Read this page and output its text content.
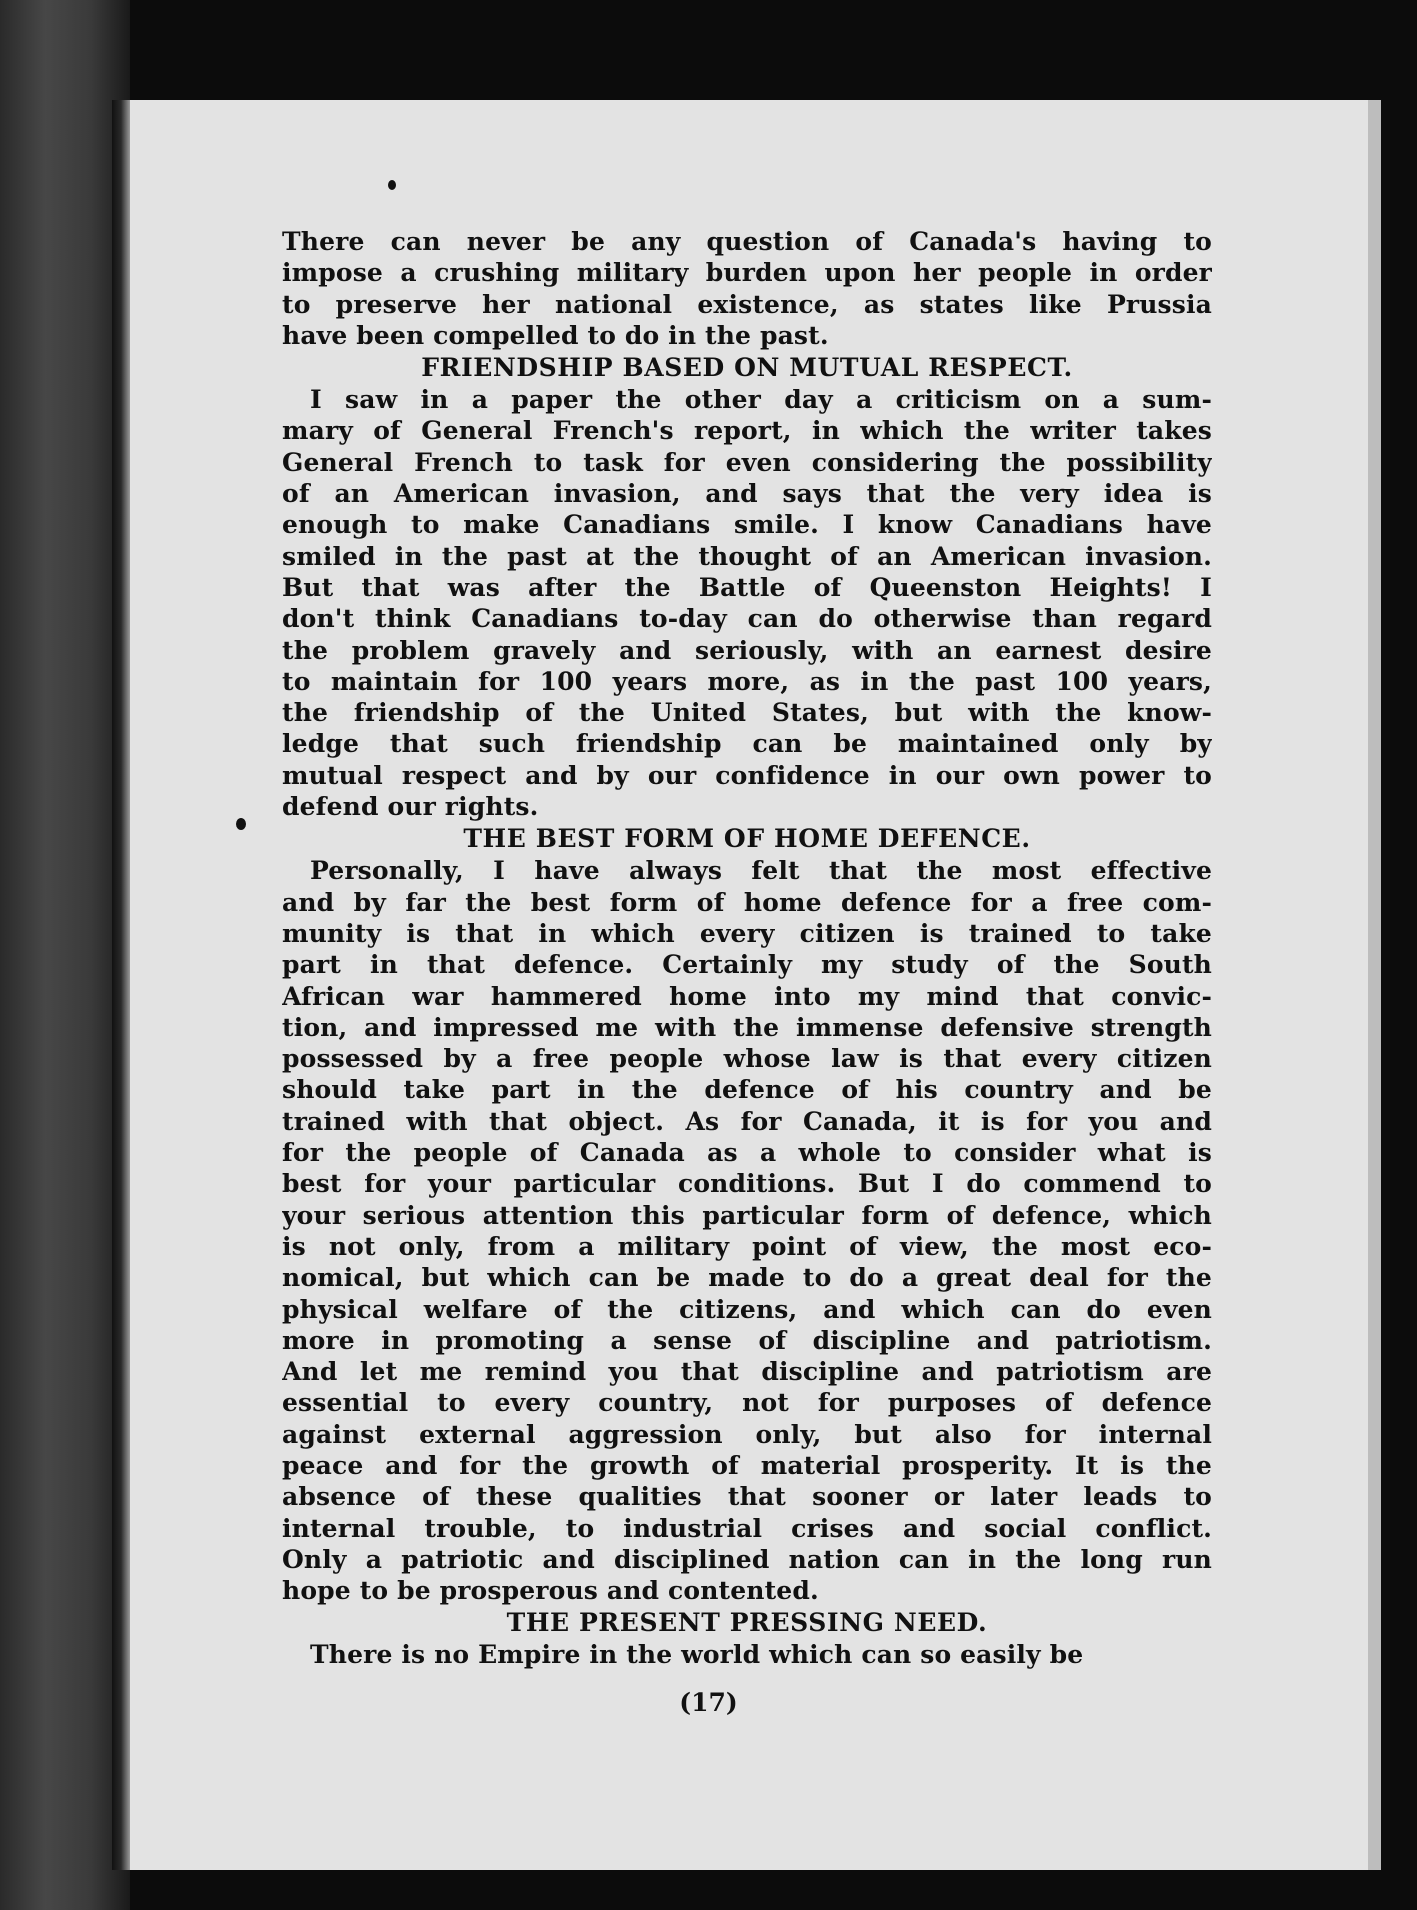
There can never be any question of Canada's having to
impose a crushing military burden upon her people in order
to preserve her national existence, as states like Prussia
have been compelled to do in the past.
FRIENDSHIP BASED ON MUTUAL RESPECT.
I saw in a paper the other day a criticism on a sum-
mary of General French's report, in which the writer takes
General French to task for even considering the possibility
of an American invasion, and says that the very idea is
enough to make Canadians smile. I know Canadians have
smiled in the past at the thought of an American invasion.
But that was after the Battle of Queenston Heights! I
don't think Canadians to-day can do otherwise than regard
the problem gravely and seriously, with an earnest desire
to maintain for 100 years more, as in the past 100 years,
the friendship of the United States, but with the know-
ledge that such friendship can be maintained only by
mutual respect and by our confidence in our own power to
defend our rights.
THE BEST FORM OF HOME DEFENCE.
Personally, I have always felt that the most effective
and by far the best form of home defence for a free com-
munity is that in which every citizen is trained to take
part in that defence. Certainly my study of the South
African war hammered home into my mind that convic-
tion, and impressed me with the immense defensive strength
possessed by a free people whose law is that every citizen
should take part in the defence of his country and be
trained with that object. As for Canada, it is for you and
for the people of Canada as a whole to consider what is
best for your particular conditions. But I do commend to
your serious attention this particular form of defence, which
is not only, from a military point of view, the most eco-
nomical, but which can be made to do a great deal for the
physical welfare of the citizens, and which can do even
more in promoting a sense of discipline and patriotism.
And let me remind you that discipline and patriotism are
essential to every country, not for purposes of defence
against external aggression only, but also for internal
peace and for the growth of material prosperity. It is the
absence of these qualities that sooner or later leads to
internal trouble, to industrial crises and social conflict.
Only a patriotic and disciplined nation can in the long run
hope to be prosperous and contented.
THE PRESENT PRESSING NEED.
There is no Empire in the world which can so easily be
(17)
